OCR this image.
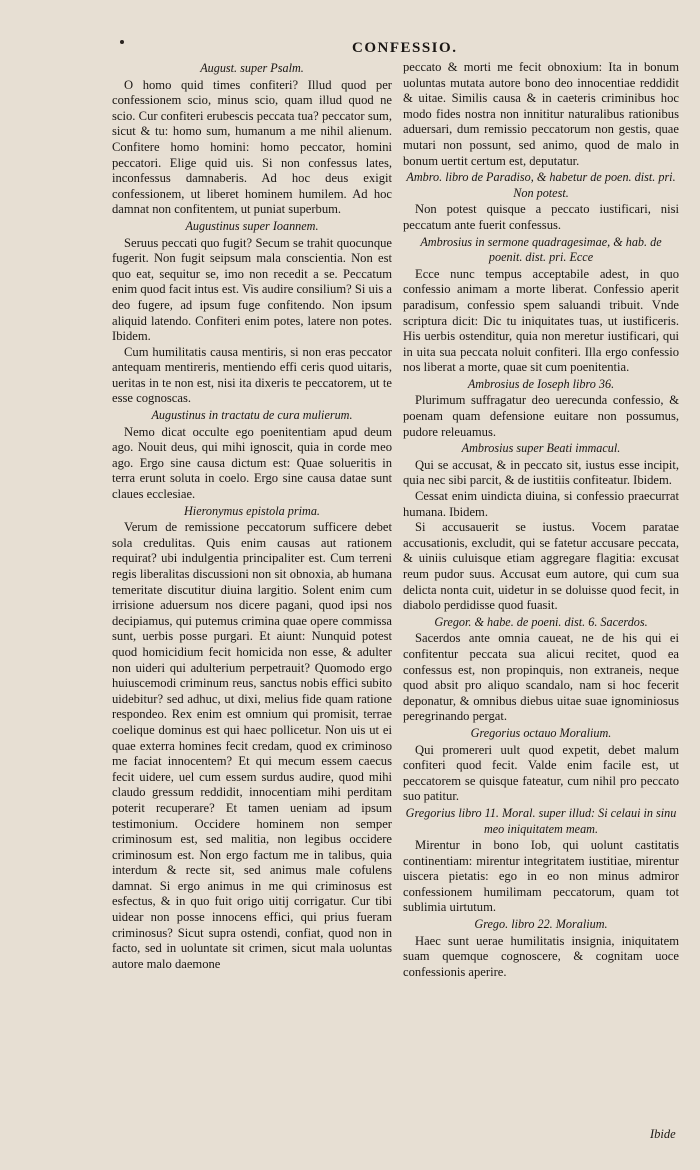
CONFESSIO.
August. super Psalm.

O homo quid times confiteri? Illud quod per confessionem scio, minus scio, quam illud quod ne scio. Cur confiteri erubescis peccata tua? peccator sum, sicut & tu: homo sum, humanum a me nihil alienum. Confitere homo homini: homo peccator, homini peccatori. Elige quid uis. Si non confessus lates, inconfessus damnaberis. Ad hoc deus exigit confessionem, ut liberet hominem humilem. Ad hoc damnat non confitentem, ut puniat superbum.

Augustinus super Ioannem.

Seruus peccati quo fugit? Secum se trahit quocunque fugerit. Non fugit seipsum mala conscientia. Non est quo eat, sequitur se, imo non recedit a se. Peccatum enim quod facit intus est. Vis audire consilium? Si uis a deo fugere, ad ipsum fuge confitendo. Non ipsum aliquid latendo. Confiteri enim potes, latere non potes. Ibidem.

Cum humilitatis causa mentiris, si non eras peccator antequam mentireris, mentiendo effi ceris quod uitaris, ueritas in te non est, nisi ita dixeris te peccatorem, ut te esse cognoscas.

Augustinus in tractatu de cura mulierum.

Nemo dicat occulte ego poenitentiam apud deum ago. Nouit deus, qui mihi ignoscit, quia in corde meo ago. Ergo sine causa dictum est: Quae solueritis in terra erunt soluta in coelo. Ergo sine causa datae sunt claues ecclesiae.

Hieronymus epistola prima.

Verum de remissione peccatorum sufficere debet sola credulitas. Quis enim causas aut rationem requirat? ubi indulgentia principaliter est. Cum terreni regis liberalitas discussioni non sit obnoxia, ab humana temeritate discutitur diuina largitio. Solent enim cum irrisione aduersum nos dicere pagani, quod ipsi nos decipiamus, qui putemus crimina quae opere commissa sunt, uerbis posse purgari. Et aiunt: Nunquid potest quod homicidium fecit homicida non esse, & adulter non uideri qui adulterium perpetrauit? Quomodo ergo huiuscemodi criminum reus, sanctus nobis effici subito uidebitur? sed adhuc, ut dixi, melius fide quam ratione respondeo. Rex enim est omnium qui promisit, terrae coelique dominus est qui haec pollicetur. Non uis ut ei quae exterra homines fecit credam, quod ex criminoso me faciat innocentem? Et qui mecum essem caecus fecit uidere, uel cum essem surdus audire, quod mihi claudo gressum reddidit, innocentiam mihi perditam poterit recuperare? Et tamen ueniam ad ipsum testimonium. Occidere hominem non semper criminosum est, sed malitia, non legibus occidere criminosum est. Non ergo factum me in talibus, quia interdum & recte sit, sed animus male cofulens damnat. Si ergo animus in me qui criminosus est esfectus, & in quo fuit origo uitij corrigatur. Cur tibi uidear non posse innocens effici, qui prius fueram criminosus? Sicut supra ostendi, confiat, quod non in facto, sed in uoluntate sit crimen, sicut mala uoluntas autore malo daemone

peccato & morti me fecit obnoxium: Ita in bonum uoluntas mutata autore bono deo innocentiae reddidit & uitae. Similis causa & in caeteris criminibus hoc modo fides nostra non innititur naturalibus rationibus aduersari, dum remissio peccatorum non gestis, quae mutari non possunt, sed animo, quod de malo in bonum uertit certum est, deputatur.

Ambro. libro de Paradiso, & habetur de poen. dist. pri. Non potest.

Non potest quisque a peccato iustificari, nisi peccatum ante fuerit confessus.

Ambrosius in sermone quadragesimae, & hab. de poenit. dist. pri. Ecce

Ecce nunc tempus acceptabile adest, in quo confessio animam a morte liberat. Confessio aperit paradisum, confessio spem saluandi tribuit. Vnde scriptura dicit: Dic tu iniquitates tuas, ut iustificeris. His uerbis ostenditur, quia non meretur iustificari, qui in uita sua peccata noluit confiteri. Illa ergo confessio nos liberat a morte, quae sit cum poenitentia.

Ambrosius de Ioseph libro 36.

Plurimum suffragatur deo uerecunda confessio, & poenam quam defensione euitare non possumus, pudore releuamus.

Ambrosius super Beati immacul.

Qui se accusat, & in peccato sit, iustus esse incipit, quia nec sibi parcit, & de iustitiis confiteatur. Ibidem.

Cessat enim uindicta diuina, si confessio praecurrat humana. Ibidem.

Si accusauerit se iustus. Vocem paratae accusationis, excludit, qui se fatetur accusare peccata, & uiniis culuisque etiam aggregare flagitia: excusat reum pudor suus. Accusat eum autore, qui cum sua delicta nonta cuit, uidetur in se doluisse quod fecit, in diabolo perdidisse quod fuasit.

Gregor. & habe. de poeni. dist. 6. Sacerdos.

Sacerdos ante omnia caueat, ne de his qui ei confitentur peccata sua alicui recitet, quod ea confessus est, non propinquis, non extraneis, neque quod absit pro aliquo scandalo, nam si hoc fecerit deponatur, & omnibus diebus uitae suae ignominiosus peregrinando pergat.

Gregorius octauo Moralium.

Qui promereri uult quod expetit, debet malum confiteri quod fecit. Valde enim facile est, ut peccatorem se quisque fateatur, cum nihil pro peccato suo patitur.

Gregorius libro 11. Moral. super illud: Si celaui in sinu meo iniquitatem meam.

Mirentur in bono Iob, qui uolunt castitatis continentiam: mirentur integritatem iustitiae, mirentur uiscera pietatis: ego in eo non minus admiror confessionem humilimam peccatorum, quam tot sublimia uirtutum.

Grego. libro 22. Moralium.

Haec sunt uerae humilitatis insignia, iniquitatem suam quemque cognoscere, & cognitam uoce confessionis aperire.

Ibide
